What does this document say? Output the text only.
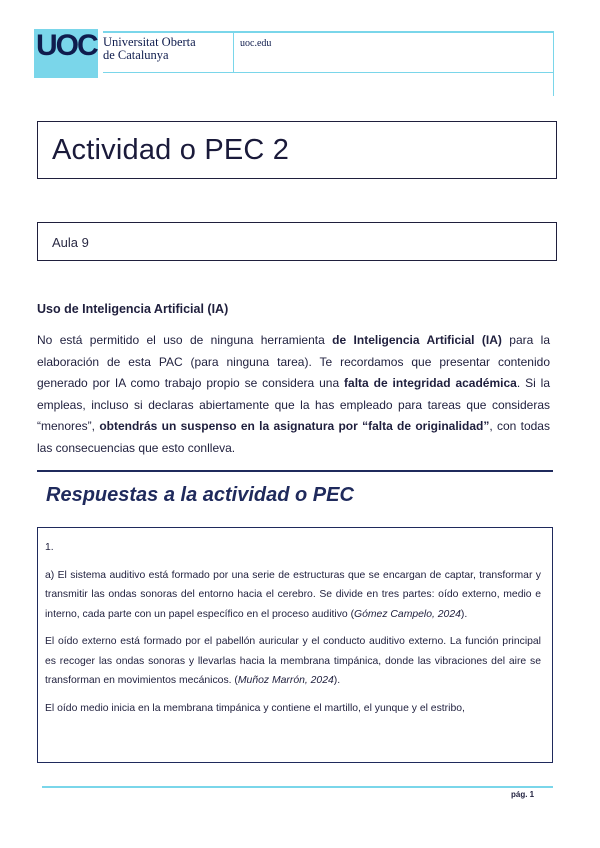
UOC Universitat Oberta
de Catalunya
uoc.edu
Actividad o PEC 2
Aula 9
Uso de Inteligencia Artificial (IA)
No está permitido el uso de ninguna herramienta de Inteligencia Artificial (IA) para la elaboración de esta PAC (para ninguna tarea). Te recordamos que presentar contenido generado por IA como trabajo propio se considera una falta de integridad académica. Si la empleas, incluso si declaras abiertamente que la has empleado para tareas que consideras “menores”, obtendrás un suspenso en la asignatura por “falta de originalidad”, con todas las consecuencias que esto conlleva.
Respuestas a la actividad o PEC

1.

a) El sistema auditivo está formado por una serie de estructuras que se encargan de captar, transformar y transmitir las ondas sonoras del entorno hacia el cerebro. Se divide en tres partes: oído externo, medio e interno, cada parte con un papel específico en el proceso auditivo (Gómez Campelo, 2024).

El oído externo está formado por el pabellón auricular y el conducto auditivo externo. La función principal es recoger las ondas sonoras y llevarlas hacia la membrana timpánica, donde las vibraciones del aire se transforman en movimientos mecánicos. (Muñoz Marrón, 2024).

El oído medio inicia en la membrana timpánica y contiene el martillo, el yunque y el estribo,

pág. 1
